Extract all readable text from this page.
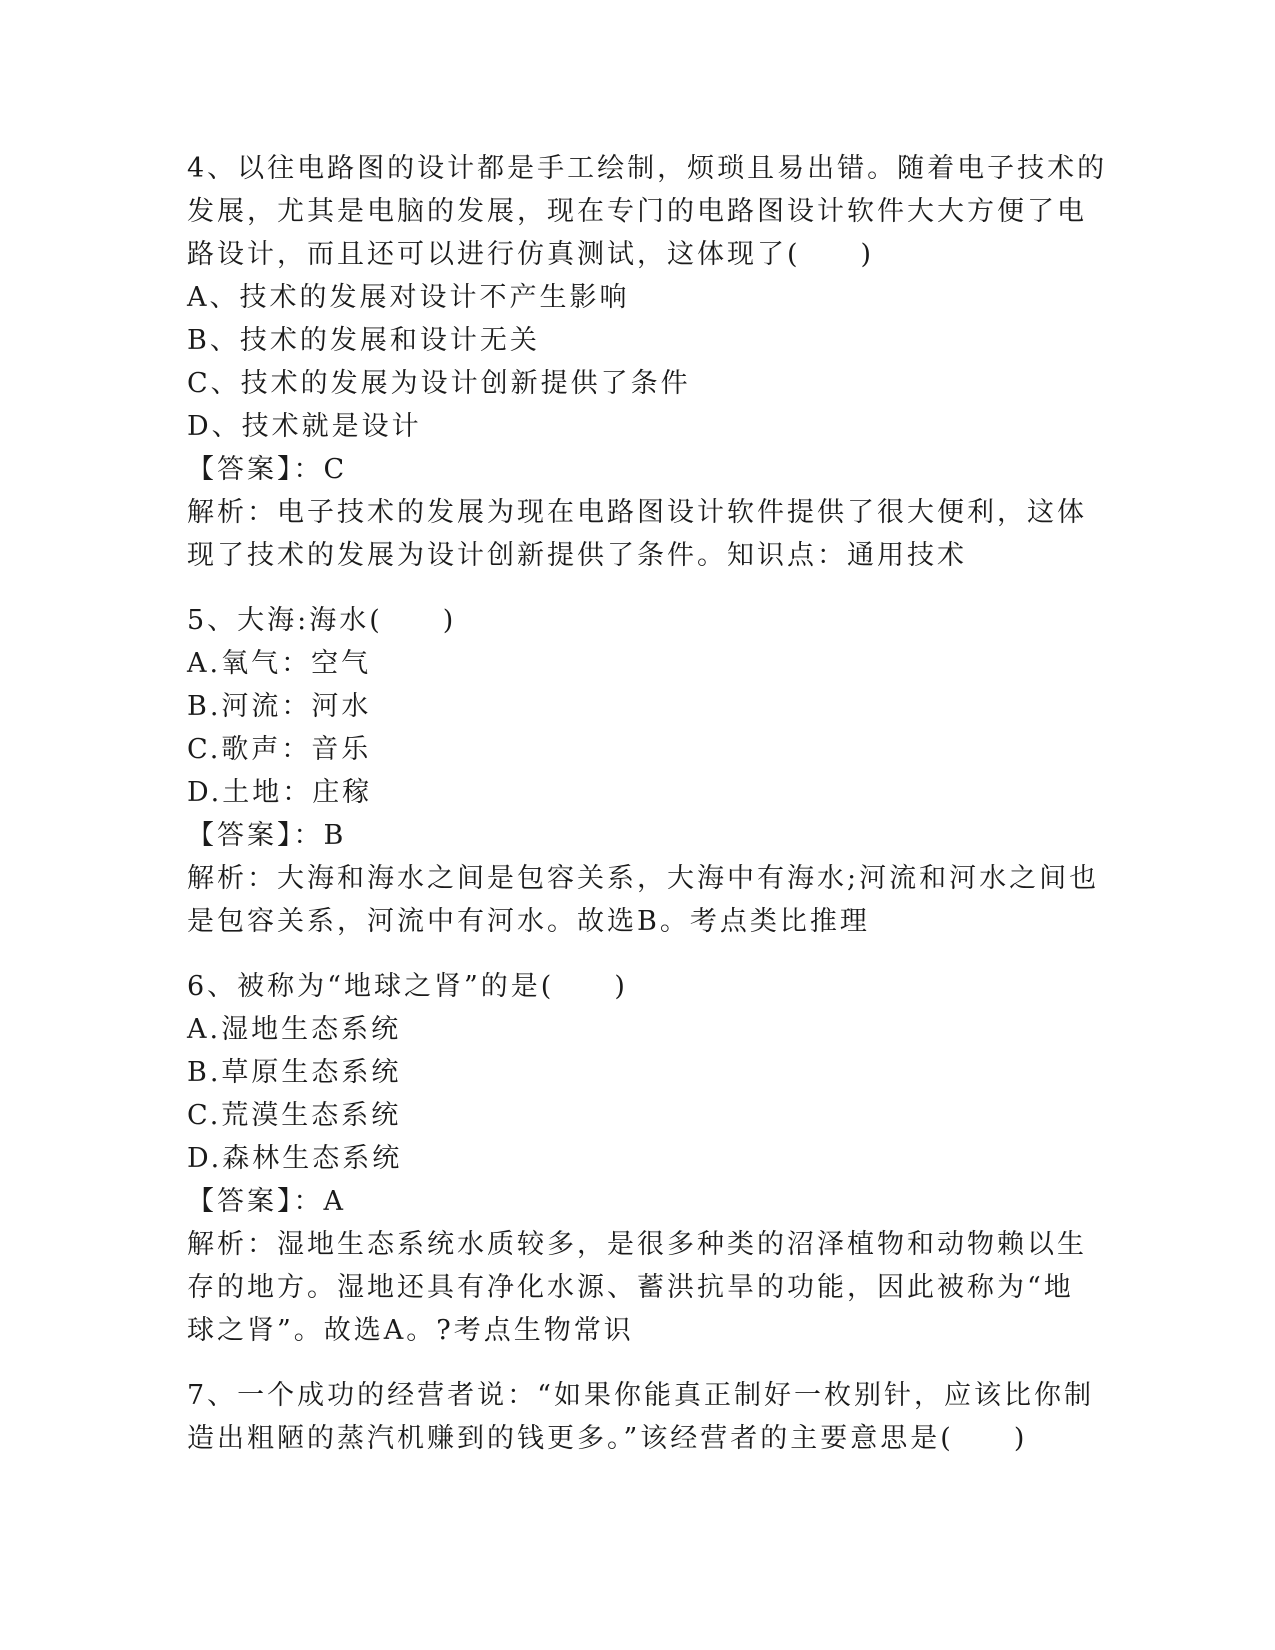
4、以往电路图的设计都是手工绘制，烦琐且易出错。随着电子技术的
发展，尤其是电脑的发展，现在专门的电路图设计软件大大方便了电
路设计，而且还可以进行仿真测试，这体现了(　　)
A、技术的发展对设计不产生影响
B、技术的发展和设计无关
C、技术的发展为设计创新提供了条件
D、技术就是设计
【答案】：C
解析：电子技术的发展为现在电路图设计软件提供了很大便利，这体
现了技术的发展为设计创新提供了条件。知识点：通用技术
5、大海:海水(　　)
A.氧气：空气
B.河流：河水
C.歌声：音乐
D.土地：庄稼
【答案】：B
解析：大海和海水之间是包容关系，大海中有海水;河流和河水之间也
是包容关系，河流中有河水。故选B。考点类比推理
6、被称为“地球之肾”的是(　　)
A.湿地生态系统
B.草原生态系统
C.荒漠生态系统
D.森林生态系统
【答案】：A
解析：湿地生态系统水质较多，是很多种类的沼泽植物和动物赖以生
存的地方。湿地还具有净化水源、蓄洪抗旱的功能，因此被称为“地
球之肾”。故选A。?考点生物常识
7、一个成功的经营者说：“如果你能真正制好一枚别针，应该比你制
造出粗陋的蒸汽机赚到的钱更多。”该经营者的主要意思是(　　)
